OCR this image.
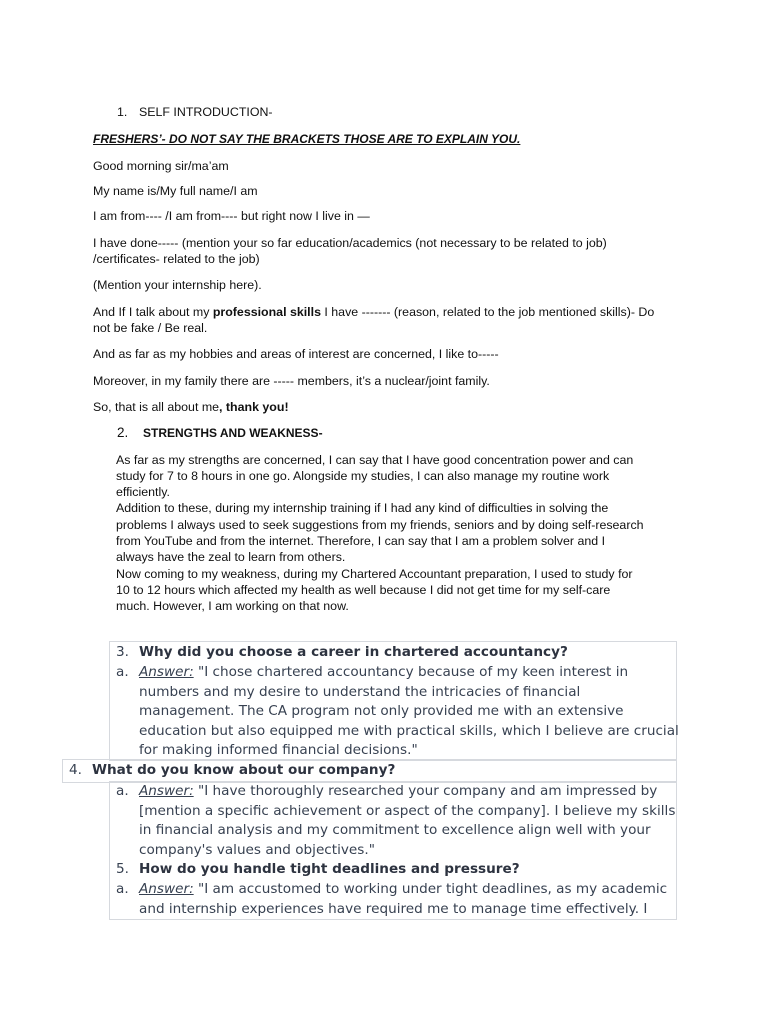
1. SELF INTRODUCTION-
FRESHERS’- DO NOT SAY THE BRACKETS THOSE ARE TO EXPLAIN YOU.
Good morning sir/ma’am
My name is/My full name/I am
I am from---- /I am from---- but right now I live in —
I have done----- (mention your so far education/academics (not necessary to be related to job)
/certificates- related to the job)
(Mention your internship here).
And If I talk about my professional skills I have ------- (reason, related to the job mentioned skills)- Do
not be fake / Be real.
And as far as my hobbies and areas of interest are concerned, I like to-----
Moreover, in my family there are ----- members, it’s a nuclear/joint family.
So, that is all about me, thank you!
2. STRENGTHS AND WEAKNESS-
As far as my strengths are concerned, I can say that I have good concentration power and can
study for 7 to 8 hours in one go. Alongside my studies, I can also manage my routine work
efficiently.
Addition to these, during my internship training if I had any kind of difficulties in solving the
problems I always used to seek suggestions from my friends, seniors and by doing self-research
from YouTube and from the internet. Therefore, I can say that I am a problem solver and I
always have the zeal to learn from others.
Now coming to my weakness, during my Chartered Accountant preparation, I used to study for
10 to 12 hours which affected my health as well because I did not get time for my self-care
much. However, I am working on that now.
3. Why did you choose a career in chartered accountancy?
a. Answer: "I chose chartered accountancy because of my keen interest in
numbers and my desire to understand the intricacies of financial
management. The CA program not only provided me with an extensive
education but also equipped me with practical skills, which I believe are crucial
for making informed financial decisions."
4. What do you know about our company?
a. Answer: "I have thoroughly researched your company and am impressed by
[mention a specific achievement or aspect of the company]. I believe my skills
in financial analysis and my commitment to excellence align well with your
company's values and objectives."
5. How do you handle tight deadlines and pressure?
a. Answer: "I am accustomed to working under tight deadlines, as my academic
and internship experiences have required me to manage time effectively. I
